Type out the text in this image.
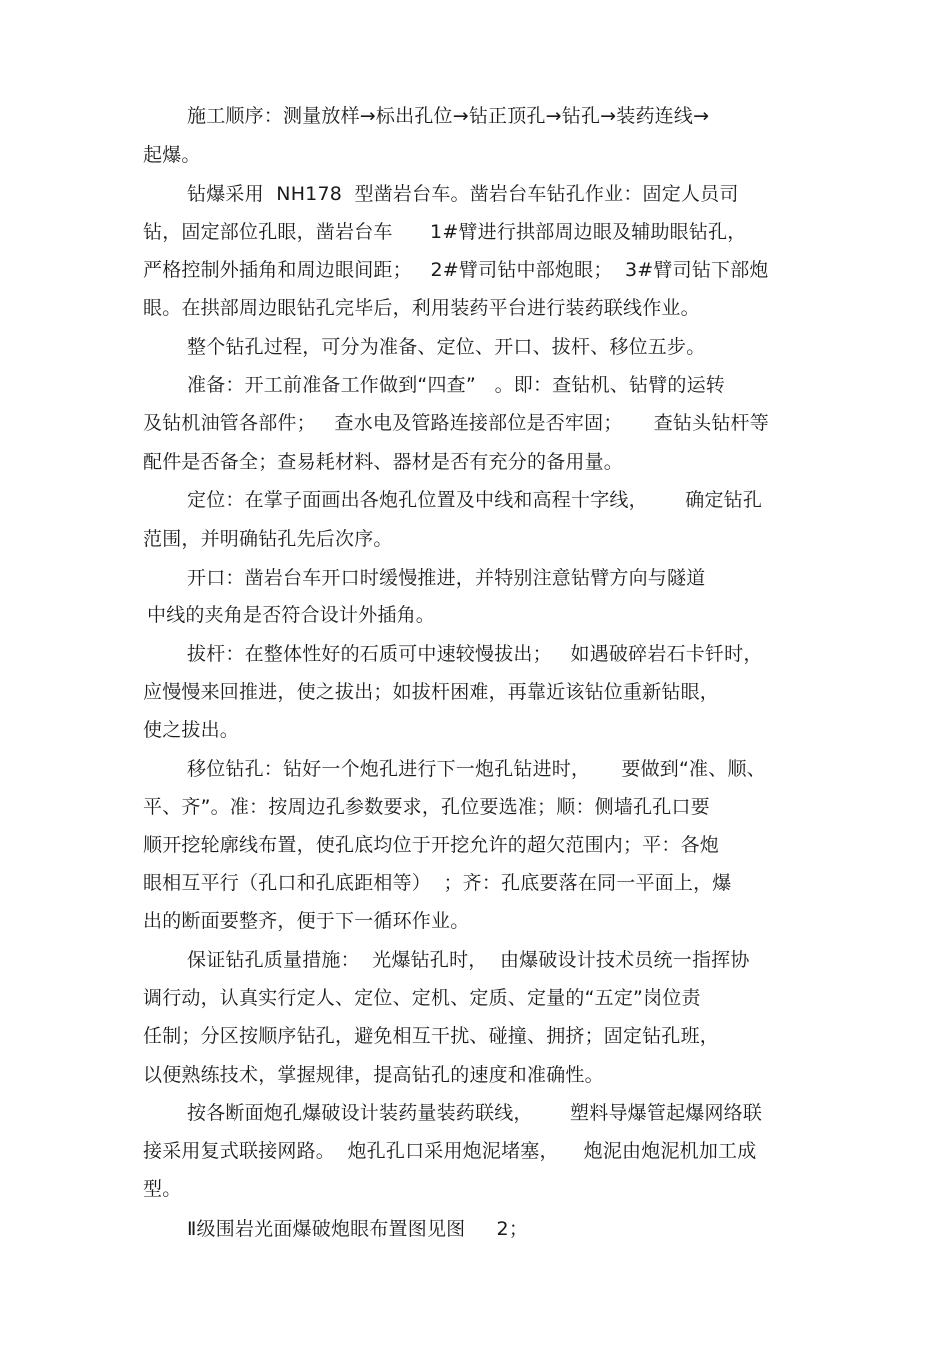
施工顺序：测量放样→标出孔位→钻正顶孔→钻孔→装药连线→
起爆。
钻爆采用  NH178  型凿岩台车。凿岩台车钻孔作业：固定人员司
钻，固定部位孔眼，凿岩台车      1#臂进行拱部周边眼及辅助眼钻孔，
严格控制外插角和周边眼间距；   2#臂司钻中部炮眼；  3#臂司钻下部炮
眼。在拱部周边眼钻孔完毕后，利用装药平台进行装药联线作业。
整个钻孔过程，可分为准备、定位、开口、拔杆、移位五步。
准备：开工前准备工作做到“四查”   。即：查钻机、钻臂的运转
及钻机油管各部件；   查水电及管路连接部位是否牢固；     查钻头钻杆等
配件是否备全；查易耗材料、器材是否有充分的备用量。
定位：在掌子面画出各炮孔位置及中线和高程十字线，      确定钻孔
范围，并明确钻孔先后次序。
开口：凿岩台车开口时缓慢推进，并特别注意钻臂方向与隧道
中线的夹角是否符合设计外插角。
拔杆：在整体性好的石质可中速较慢拔出；   如遇破碎岩石卡钎时，
应慢慢来回推进，使之拔出；如拔杆困难，再靠近该钻位重新钻眼，
使之拔出。
移位钻孔：钻好一个炮孔进行下一炮孔钻进时，     要做到“准、顺、
平、齐”。准：按周边孔参数要求，孔位要选准；顺：侧墙孔孔口要
顺开挖轮廓线布置，使孔底均位于开挖允许的超欠范围内；平：各炮
眼相互平行（孔口和孔底距相等）  ；齐：孔底要落在同一平面上，爆
出的断面要整齐，便于下一循环作业。
保证钻孔质量措施：  光爆钻孔时，  由爆破设计技术员统一指挥协
调行动，认真实行定人、定位、定机、定质、定量的“五定”岗位责
任制；分区按顺序钻孔，避免相互干扰、碰撞、拥挤；固定钻孔班，
以便熟练技术，掌握规律，提高钻孔的速度和准确性。
按各断面炮孔爆破设计装药量装药联线，      塑料导爆管起爆网络联
接采用复式联接网路。  炮孔孔口采用炮泥堵塞，    炮泥由炮泥机加工成
型。
Ⅱ级围岩光面爆破炮眼布置图见图     2；
